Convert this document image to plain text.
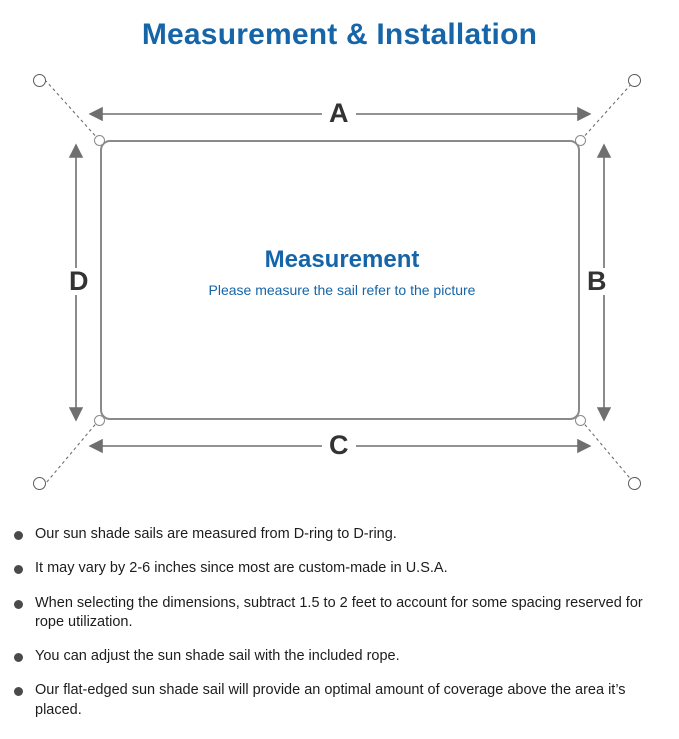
Measurement & Installation
Measurement
Please measure the sail refer to the picture
A
B
C
D
Our sun shade sails are measured from D-ring to D-ring.
It may vary by 2-6 inches since most are custom-made in U.S.A.
When selecting the dimensions, subtract 1.5 to 2 feet to account for some spacing reserved for rope utilization.
You can adjust the sun shade sail with the included rope.
Our flat-edged sun shade sail will provide an optimal amount of coverage above the area it’s placed.
